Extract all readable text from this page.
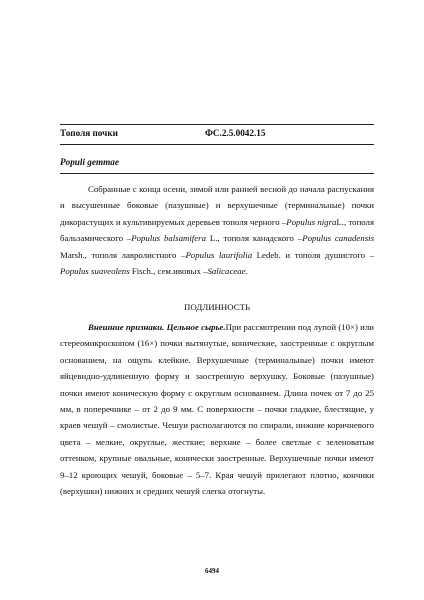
Тополя почки	ФС.2.5.0042.15
Populi gemmae

Собранные с конца осени, зимой или ранней весной до начала распускания и высушенные боковые (пазушные) и верхушечные (терминальные) почки дикорастущих и культивируемых деревьев тополя черного –Populus nigraL., тополя бальзамического –Populus balsamifera L., тополя канадского –Populus canadensis Marsh., тополя лавролистного –Populus laurifolia Ledeb. и тополя душистого –Populus suaveolens Fisch., сем.ивовых –Salicaceae.

ПОДЛИННОСТЬ

Внешние признаки. Цельное сырье.При рассмотрении под лупой (10×) или стереомикроскопом (16×) почки вытянутые, конические, заостренные с округлым основанием, на ощупь клейкие. Верхушечные (терминальные) почки имеют яйцевидно-удлиненную форму и заостренную верхушку. Боковые (пазушные) почки имеют коническую форму с округлым основанием. Длина почек от 7 до 25 мм, в поперечнике – от 2 до 9 мм. С поверхности – почки гладкие, блестящие, у краев чешуй – смолистые. Чешуи располагаются по спирали, нижние коричневого цвета – мелкие, округлые, жесткие; верхние – более светлые с зеленоватым оттенком, крупные овальные, конически заостренные. Верхушечные почки имеют 9–12 кроющих чешуй, боковые – 5–7. Края чешуй прилегают плотно, кончики (верхушки) нижних и средних чешуй слегка отогнуты.

6494
